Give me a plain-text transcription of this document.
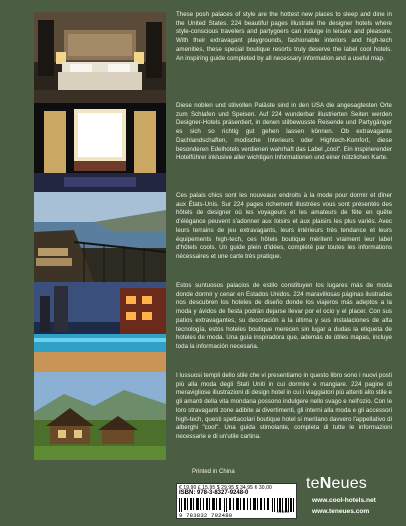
These posh palaces of style are the hottest new places to sleep and dine in the United States. 224 beautiful pages illustrate the designer hotels where style-conscious travelers and partygoers can indulge in leisure and pleasure. With their extravagant playgrounds, fashionable interiors and high-tech amenities, these special boutique resorts truly deserve the label cool hotels. An inspiring guide completed by all necessary information and a useful map.
Diese noblen und stilvollen Paläste sind in den USA die angesagtesten Orte zum Schlafen und Speisen. Auf 224 wunderbar illustrierten Seiten werden Designer-Hotels präsentiert, in denen stilbewusste Reisende und Partygänger es sich so richtig gut gehen lassen können. Ob extravagante Dachlandschaften, modische Interieurs oder Hightech-Komfort, diese besonderen Edelhotels verdienen wahrhaft das Label „cool". Ein inspirierender Hotelführer inklusive aller wichtigen Informationen und einer nützlichen Karte.
Ces palais chics sont les nouveaux endroits à la mode pour dormir et dîner aux États-Unis. Sur 224 pages richement illustrées vous sont présentés des hôtels de designer où les voyageurs et les amateurs de fête en quête d'élégance peuvent s'adonner aux loisirs et aux plaisirs les plus variés. Avec leurs terrains de jeu extravagants, leurs intérieurs très tendance et leurs équipements high-tech, ces hôtels boutique méritent vraiment leur label d'hôtels cools. Un guide plein d'idées, complété par toutes les informations nécessaires et une carte très pratique.
Estos suntuosos palacios de estilo constituyen los lugares más de moda donde dormir y cenar en Estados Unidos. 224 maravillosas páginas ilustradas nos descubren los hoteles de diseño donde los viajeros más adeptos a la moda y ávidos de fiesta podrán dejarse llevar por el ocio y el placer. Con sus patios extravagantes, su decoración a la última y sus instalaciones de alta tecnología, estos hoteles boutique merecen sin lugar a dudas la etiqueta de hoteles de moda. Una guía inspiradora que, además de útiles mapas, incluye toda la información necesaria.
I lussuosi templi dello stile che vi presentiamo in questo libro sono i nuovi posti più alla moda degli Stati Uniti in cui dormire e mangiare. 224 pagine di meravigliose illustrazioni di design hotel in cui i viaggiatori più attenti allo stile e gli amanti della vita mondana possono indulgere nello svago e nell'ozio. Con le loro stravaganti zone adibite ai divertimenti, gli interni alla moda e gli accessori high-tech, questi spettacolari boutique hotel si meritano davvero l'appellativo di alberghi "cool". Una guida stimolante, completa di tutte le informazioni necessarie e di un'utile cartina.
Printed in China
€ 19,90 £ 15,95 $ 29,95 $ 34,95 ¢ 30,00
ISBN: 978-3-8327-9248-0
9 783832 792480	52995
teNeues
www.cool-hotels.net
www.teneues.com
